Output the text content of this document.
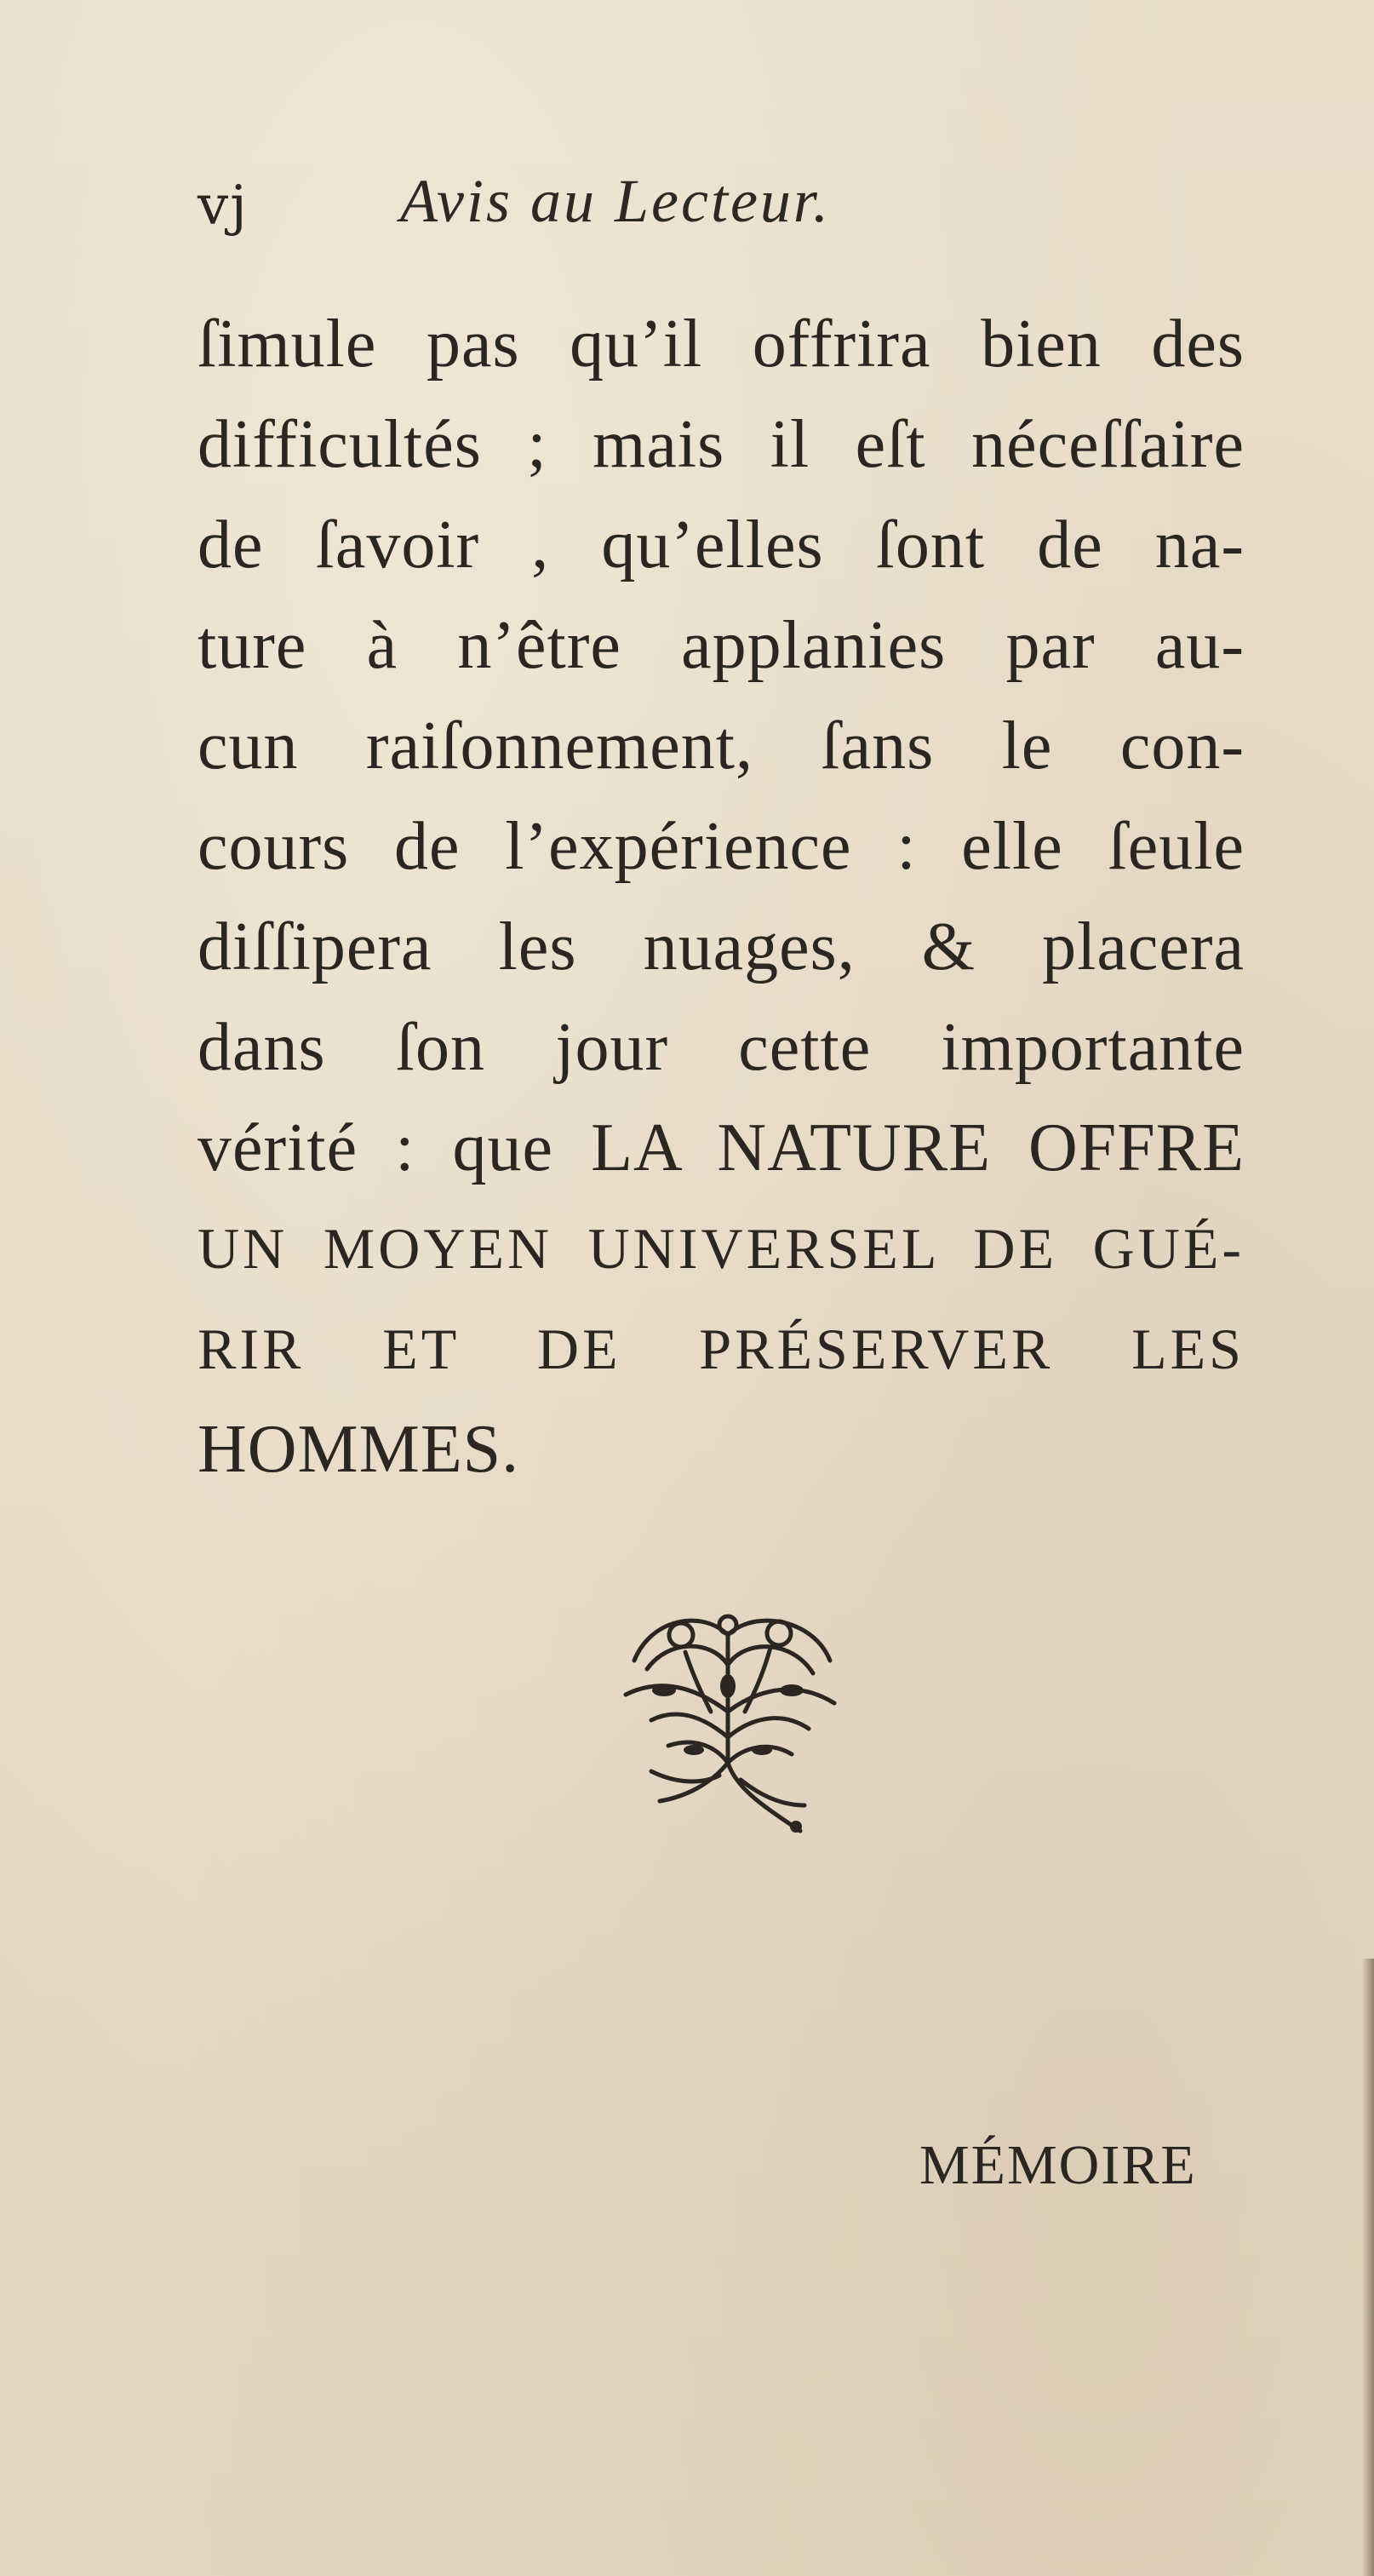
vj Avis au Lecteur.
ſimule pas qu’il offrira bien des
difficultés ; mais il eſt néceſſaire
de ſavoir , qu’elles ſont de na-
ture à n’être applanies par au-
cun raiſonnement, ſans le con-
cours de l’expérience : elle ſeule
diſſipera les nuages, & placera
dans ſon jour cette importante
vérité : que LA NATURE OFFRE
UN MOYEN UNIVERSEL DE GUÉ-
RIR ET DE PRÉSERVER LES
HOMMES.
MÉMOIRE
